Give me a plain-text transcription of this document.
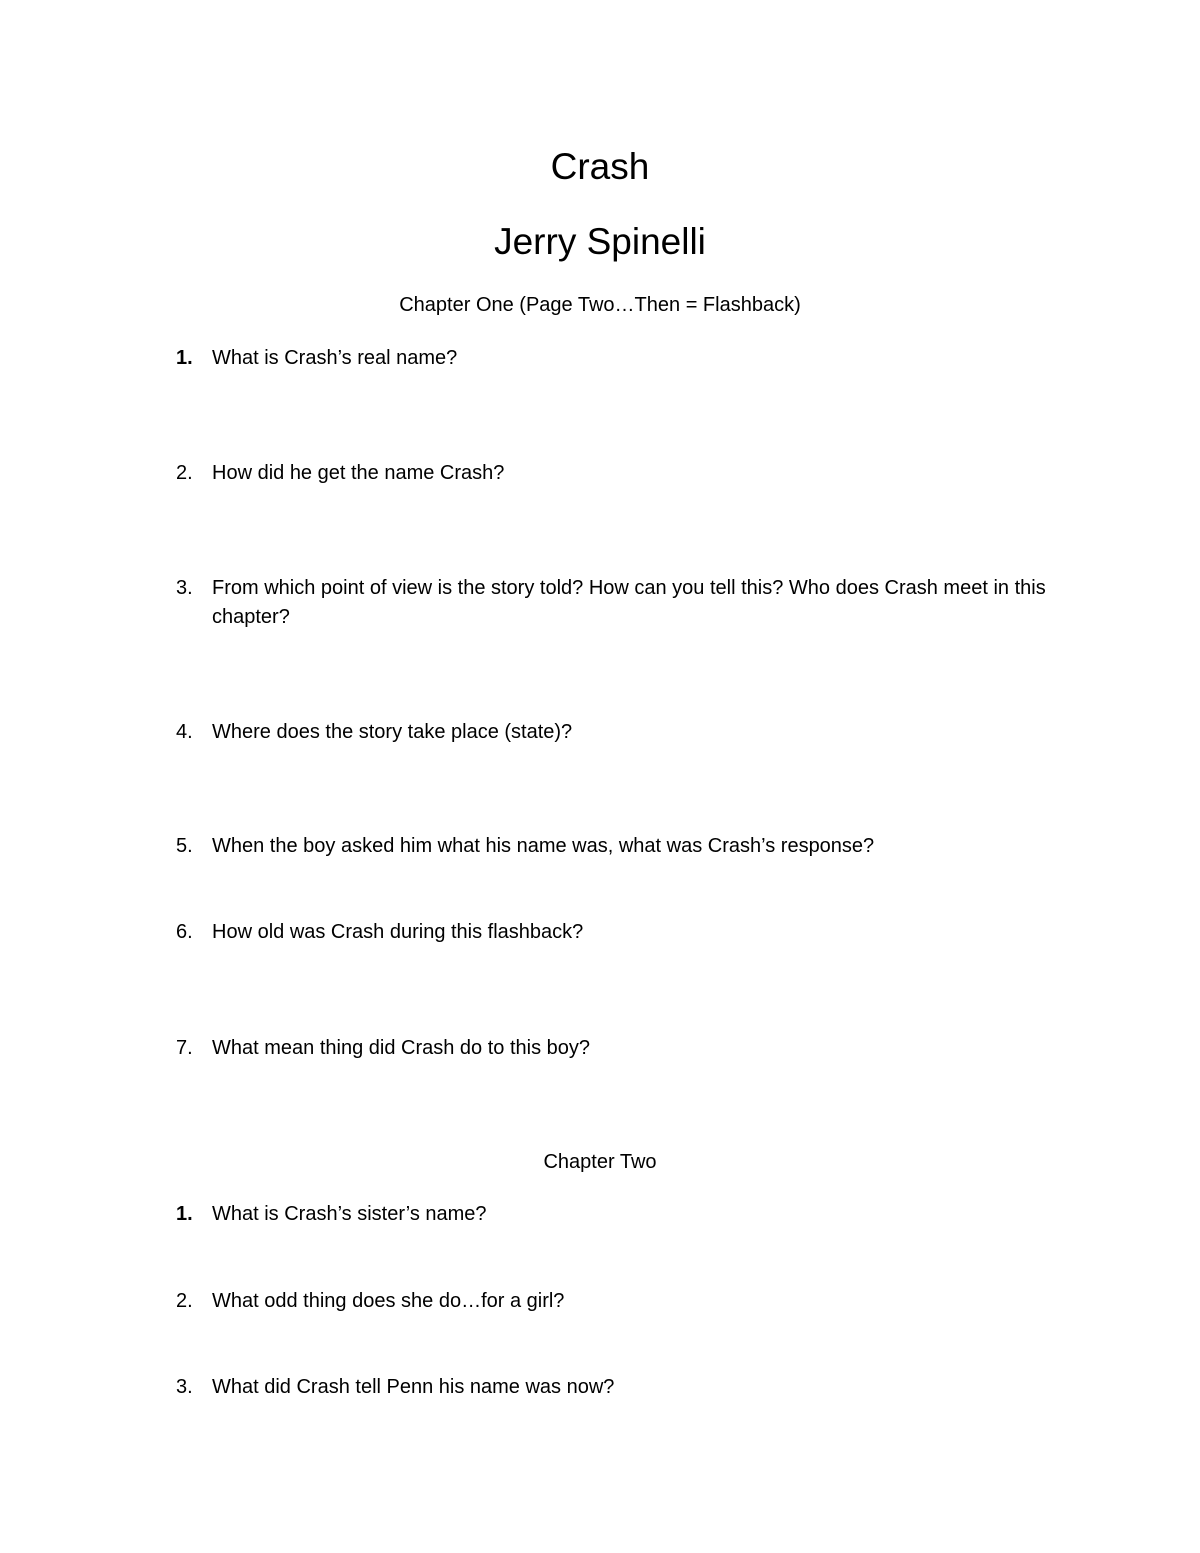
Crash
Jerry Spinelli
Chapter One (Page Two…Then = Flashback)
1. What is Crash’s real name?
2. How did he get the name Crash?
3. From which point of view is the story told? How can you tell this? Who does Crash meet in this chapter?
4. Where does the story take place (state)?
5. When the boy asked him what his name was, what was Crash’s response?
6. How old was Crash during this flashback?
7. What mean thing did Crash do to this boy?
Chapter Two
1. What is Crash’s sister’s name?
2. What odd thing does she do…for a girl?
3. What did Crash tell Penn his name was now?
